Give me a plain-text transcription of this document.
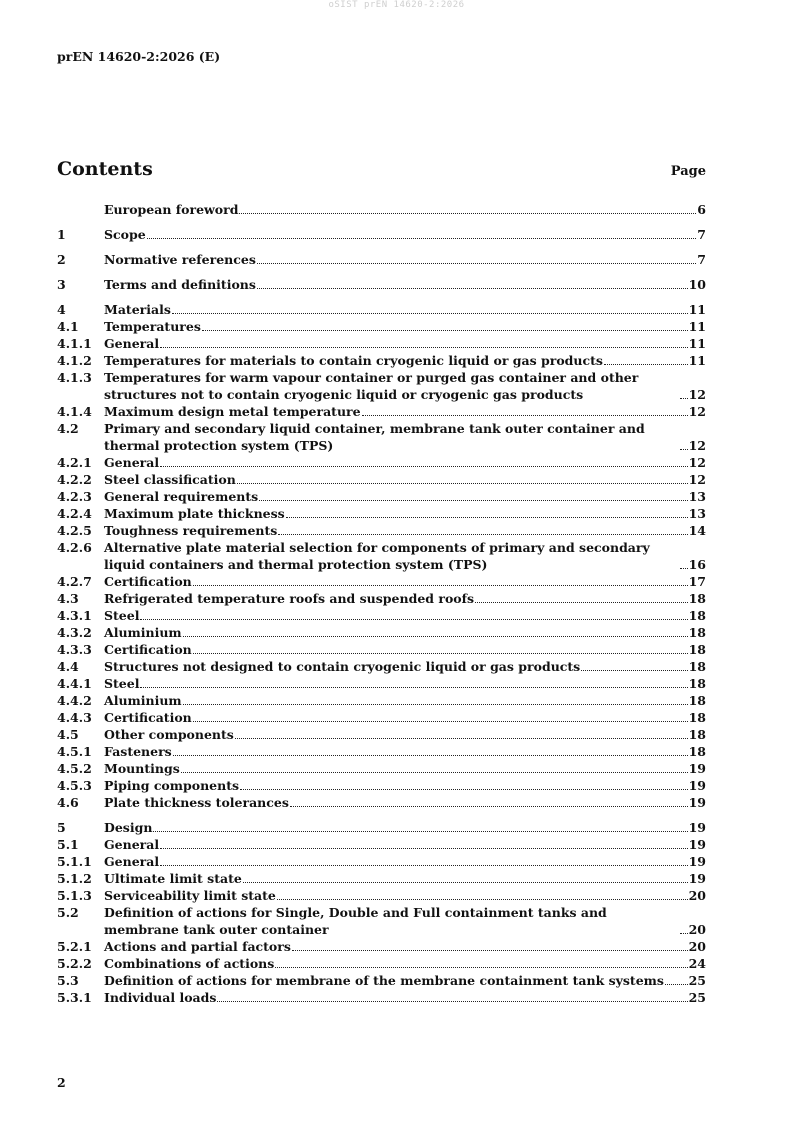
oSIST prEN 14620-2:2026
prEN 14620-2:2026 (E)
Contents	Page
European foreword	6
1	Scope	7
2	Normative references	7
3	Terms and definitions	10
4	Materials	11
4.1	Temperatures	11
4.1.1 General	11
4.1.2 Temperatures for materials to contain cryogenic liquid or gas products	11
4.1.3 Temperatures for warm vapour container or purged gas container and other structures not to contain cryogenic liquid or cryogenic gas products	12
4.1.4 Maximum design metal temperature	12
4.2	Primary and secondary liquid container, membrane tank outer container and thermal protection system (TPS)	12
4.2.1 General	12
4.2.2 Steel classification	12
4.2.3 General requirements	13
4.2.4 Maximum plate thickness	13
4.2.5 Toughness requirements	14
4.2.6 Alternative plate material selection for components of primary and secondary liquid containers and thermal protection system (TPS)	16
4.2.7 Certification	17
4.3	Refrigerated temperature roofs and suspended roofs	18
4.3.1 Steel	18
4.3.2 Aluminium	18
4.3.3 Certification	18
4.4	Structures not designed to contain cryogenic liquid or gas products	18
4.4.1 Steel	18
4.4.2 Aluminium	18
4.4.3 Certification	18
4.5	Other components	18
4.5.1 Fasteners	18
4.5.2 Mountings	19
4.5.3 Piping components	19
4.6	Plate thickness tolerances	19
5	Design	19
5.1	General	19
5.1.1 General	19
5.1.2 Ultimate limit state	19
5.1.3 Serviceability limit state	20
5.2	Definition of actions for Single, Double and Full containment tanks and membrane tank outer container	20
5.2.1 Actions and partial factors	20
5.2.2 Combinations of actions	24
5.3	Definition of actions for membrane of the membrane containment tank systems 25
5.3.1 Individual loads	25
2
